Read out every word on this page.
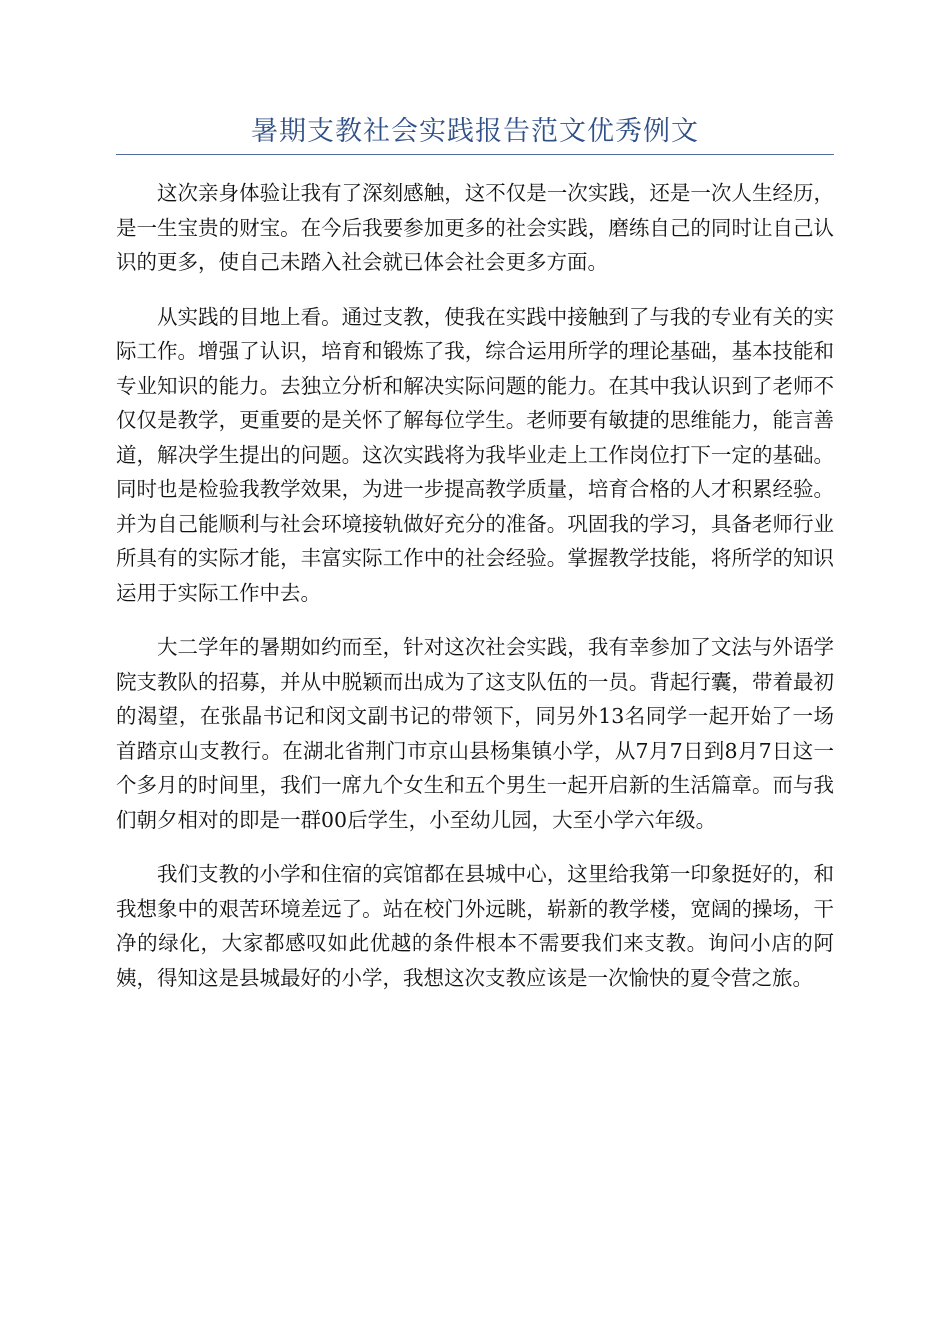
暑期支教社会实践报告范文优秀例文

这次亲身体验让我有了深刻感触，这不仅是一次实践，还是一次人生经历，是一生宝贵的财宝。在今后我要参加更多的社会实践，磨练自己的同时让自己认识的更多，使自己未踏入社会就已体会社会更多方面。

从实践的目地上看。通过支教，使我在实践中接触到了与我的专业有关的实际工作。增强了认识，培育和锻炼了我，综合运用所学的理论基础，基本技能和专业知识的能力。去独立分析和解决实际问题的能力。在其中我认识到了老师不仅仅是教学，更重要的是关怀了解每位学生。老师要有敏捷的思维能力，能言善道，解决学生提出的问题。这次实践将为我毕业走上工作岗位打下一定的基础。同时也是检验我教学效果，为进一步提高教学质量，培育合格的人才积累经验。并为自己能顺利与社会环境接轨做好充分的准备。巩固我的学习，具备老师行业所具有的实际才能，丰富实际工作中的社会经验。掌握教学技能，将所学的知识运用于实际工作中去。

大二学年的暑期如约而至，针对这次社会实践，我有幸参加了文法与外语学院支教队的招募，并从中脱颖而出成为了这支队伍的一员。背起行囊，带着最初的渴望，在张晶书记和闵文副书记的带领下，同另外13名同学一起开始了一场首踏京山支教行。在湖北省荆门市京山县杨集镇小学，从7月7日到8月7日这一个多月的时间里，我们一席九个女生和五个男生一起开启新的生活篇章。而与我们朝夕相对的即是一群00后学生，小至幼儿园，大至小学六年级。

我们支教的小学和住宿的宾馆都在县城中心，这里给我第一印象挺好的，和我想象中的艰苦环境差远了。站在校门外远眺，崭新的教学楼，宽阔的操场，干净的绿化，大家都感叹如此优越的条件根本不需要我们来支教。询问小店的阿姨，得知这是县城最好的小学，我想这次支教应该是一次愉快的夏令营之旅。
